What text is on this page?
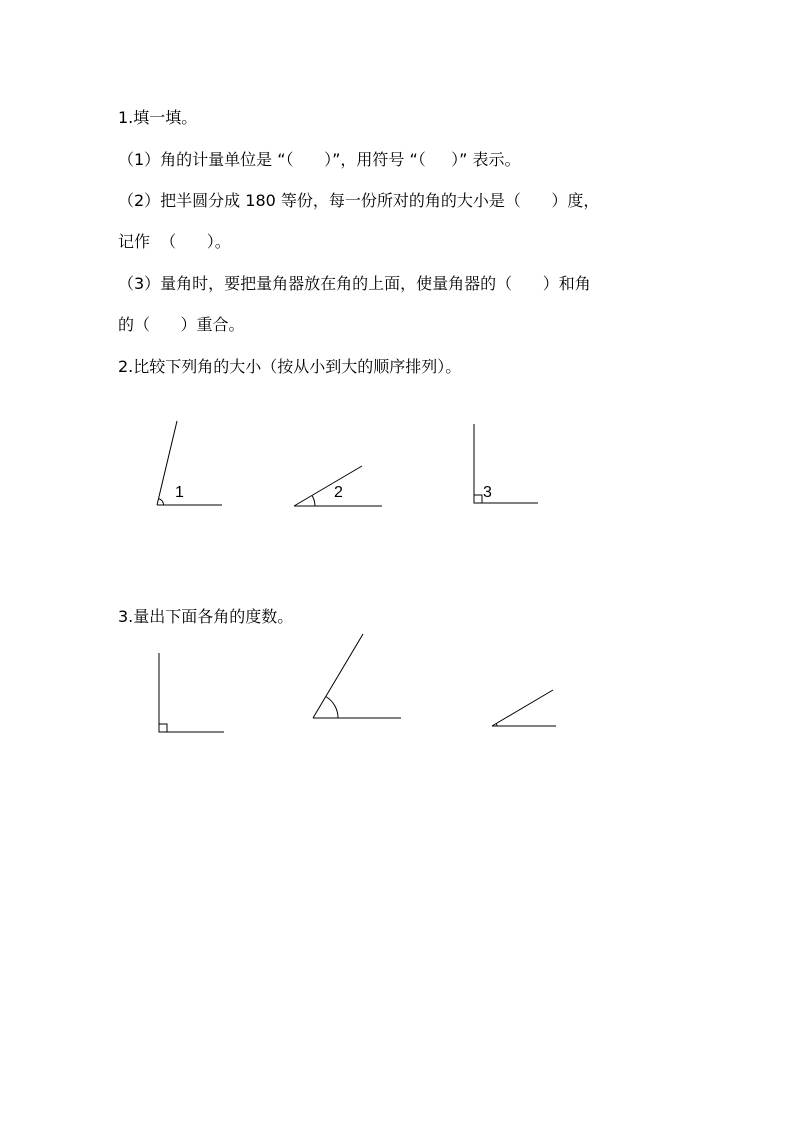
1.填一填。
（1）角的计量单位是 “（      ）”，用符号 “（     ）” 表示。
（2）把半圆分成 180 等份，每一份所对的角的大小是（      ）度，
记作  （      ）。
（3）量角时，要把量角器放在角的上面，使量角器的（      ）和角
的（      ）重合。
2.比较下列角的大小（按从小到大的顺序排列）。
3.量出下面各角的度数。
1	2	3
